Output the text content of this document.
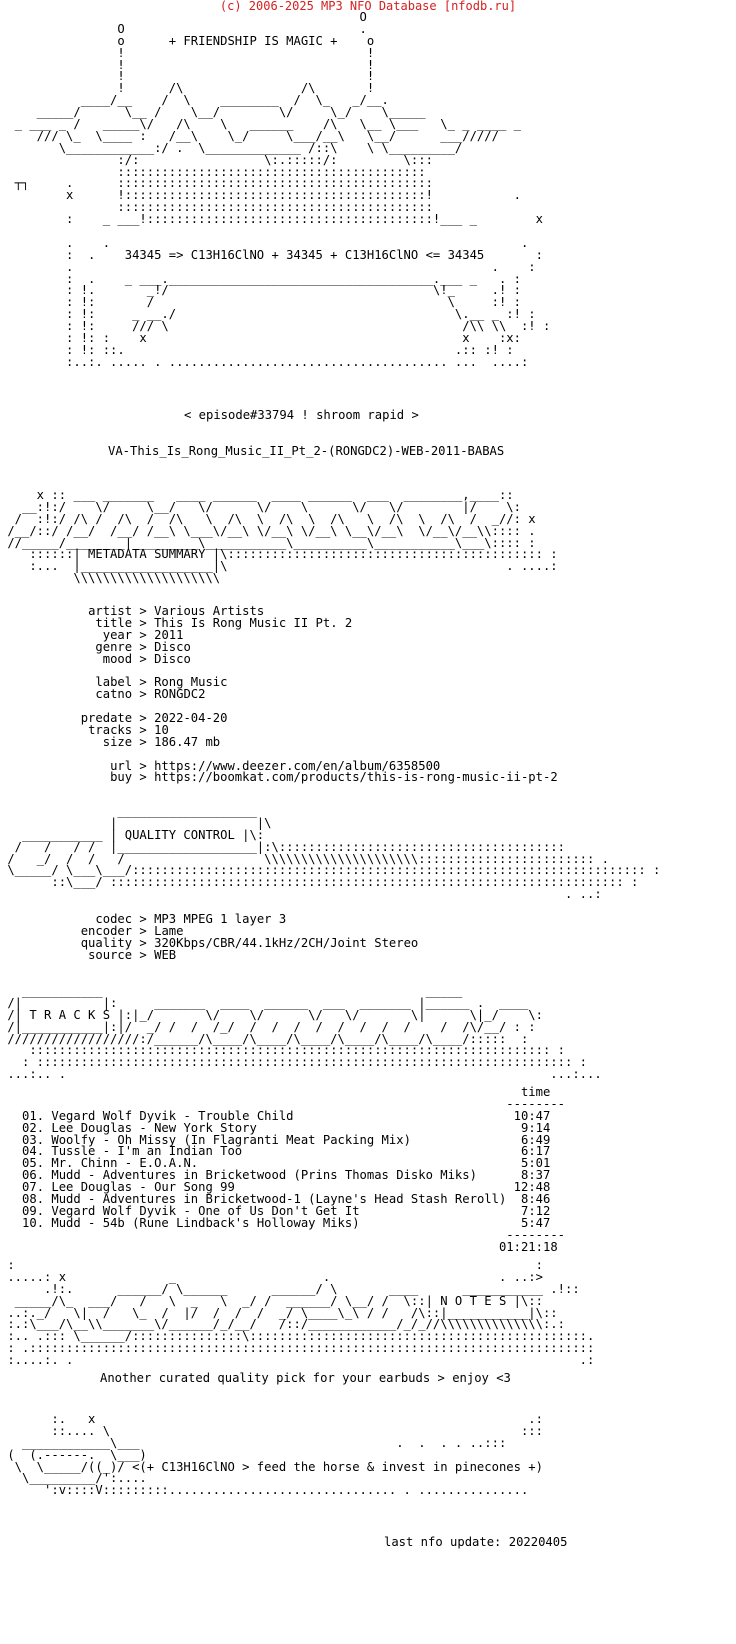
(c) 2006-2025 MP3 NFO Database [nfodb.ru]
O
O                                .
o      + FRIENDSHIP IS MAGIC +    o
!                                 !
!                                 !
!                                 !
!      /\                /\       !
____/__    /  \    ________  /  \_   _/__.
_____/      \__ /    \__/        \/     \_/    \_____
_ ___ _ /   _____\/   /\    \   ______    /\   \__ \___   \_ _ ____ _
/// \_  \____ :   /__\    \_/     \___/__\   \__/      ___/////
\____________:/ .  \_____________ /::\    \ \_________/
:/:                 \:.:::::/:         \:::
::::::::::::::::::::::::::::::::::::::::::
┬┐     .      :::::::::::::::::::::::::::::::::::::::::::
x      !:::::::::::::::::::::::::::::::::::::::::!           .
:::::::::::::::::::::::::::::::::::::::::::
:    _ ___!:::::::::::::::::::::::::::::::::::::::!___ _        x
.    .                                                        .
:  .    34345 => C13H16ClNO + 34345 + C13H16ClNO <= 34345       :
.                                                         .    :
:  .    _ ___.____________________________________.___ _   . :
: !.       _!/                                    \!_     .! :
: !:       /                                        \     :! :
: !:     _ __./                                      \.__ _ :! :
: !:     /// \                                        /\\ \\  :! :
: !: :    x                                           x    :x:
: !: ::.                                             .:: :! :
:..:. ..... . ...................................... ...  ....:
< episode#33794 ! shroom rapid >
VA-This_Is_Rong_Music_II_Pt_2-(RONGDC2)-WEB-2011-BABAS
x :: ___ _______   ____ ______  ____ ______  ___  ________,____::
__:!:/    \/     \__/   \/      \/    \      \/   \/        |/    \:
/  :!:/ /\ /  /\  /  /\   \  /\  \  /\  \  /\   \  /\  \  /\  /  _//: x
/__/::/ /__/  /__/ /__\ \___\/__\ \/__\ \/__\ \__\/__\  \/__\/__\\:::: .
//_____/________|_________\___________\__________\___________\___\:::: :
::::::| METADATA SUMMARY |\::::::::::::::::::::::::::::::::::::::::::: :
:...  |__________________|\                                      . ....:
\\\\\\\\\\\\\\\\\\\\
artist > Various Artists
title > This Is Rong Music II Pt. 2
year > 2011
genre > Disco
mood > Disco
label > Rong Music
catno > RONGDC2
predate > 2022-04-20
tracks > 10
size > 186.47 mb
url > https://www.deezer.com/en/album/6358500
buy > https://boomkat.com/products/this-is-rong-music-ii-pt-2
___________________
|                   |\
___________ | QUALITY CONTROL |\:
/   /   / /  |___________________|:\:::::::::::::::::::::::::::::::::::::::
/   _/  /  /   /                   \\\\\\\\\\\\\\\\\\\\\:::::::::::::::::::::::: .
\_____/ \___\___/:::::::::::::::::::::::::::::::::::::::::::::::::::::::::::::::::::::: :
::\___/ :::::::::::::::::::::::::::::::::::::::::::::::::::::::::::::::::::::: :
. ..:
codec > MP3 MPEG 1 layer 3
encoder > Lame
quality > 320Kbps/CBR/44.1kHz/2CH/Joint Stereo
source > WEB
___________                                            _____
/|           |:     _______  ____  ______  ___  _______ |______ .  ____
/| T R A C K S |:|_/       \/    \/      \/   \/       \|      \|_/    \:
/|___________|:|/  _/ /  /  /_/  /  /  /  /  /  /  /  /    /  /\/__/ : :
//////////////////:/______/\____/\____/\____/\____/\____/\____/:::::  :
::::::::::::::::::::::::::::::::::::::::::::::::::::::::::::::::::::::: :
: ::::::::::::::::::::::::::::::::::::::::::::::::::::::::::::::::::::::::: :
...:.. .                                                                  ...:...
time
--------
01. Vegard Wolf Dyvik - Trouble Child	10:47
02. Lee Douglas - New York Story	9:14
03. Woolfy - Oh Missy (In Flagranti Meat Packing Mix)	6:49
04. Tussle - I'm an Indian Too	6:17
05. Mr. Chinn - E.O.A.N.	5:01
06. Mudd - Adventures in Bricketwood (Prins Thomas Disko Miks)	8:37
07. Lee Douglas - Our Song 99	12:48
08. Mudd - Adventures in Bricketwood-1 (Layne's Head Stash Reroll) 8:46
09. Vegard Wolf Dyvik - One of Us Don't Get It	7:12
10. Mudd - 54b (Rune Lindback's Holloway Miks)	5:47
--------
01:21:18
:                                                                       :
.....: x              _                    .                       . ..:>
.!:.      ______/ \______      ______/ \       ____      ___________ .!::
_____/\_  ___/   /   \  _   \  _/ /  ______/ \__/ /  \::| N O T E S |\::
..:._/   \|  /   \_  /  |/  /  /  /  _/ \____\_\ / /   /\::|___________|\::
:.:\___/\__\\_______\/______/_/__/   /::/____________/_/_//\\\\\\\\\\\\\\:.:
:.. .::: \______/:::::::::::::::\::::::::::::::::::::::::::::::::::::::::::::::.
: .:::::::::::::::::::::::::::::::::::::::::::::::::::::::::::::::::::::::::::::
:....:. .                                                                     .:
Another curated quality pick for your earbuds > enjoy <3
:.   x                                                           .:
::.... \                                                        :::
____________\___                                   .  .  . . ..:::
(  (.------.  \___)
\  \_____/((_)/ <(+ C13H16ClNO > feed the horse & invest in pinecones +)
\_________/':....
':v::::V:::::::::............................... . ...............
last nfo update: 20220405
